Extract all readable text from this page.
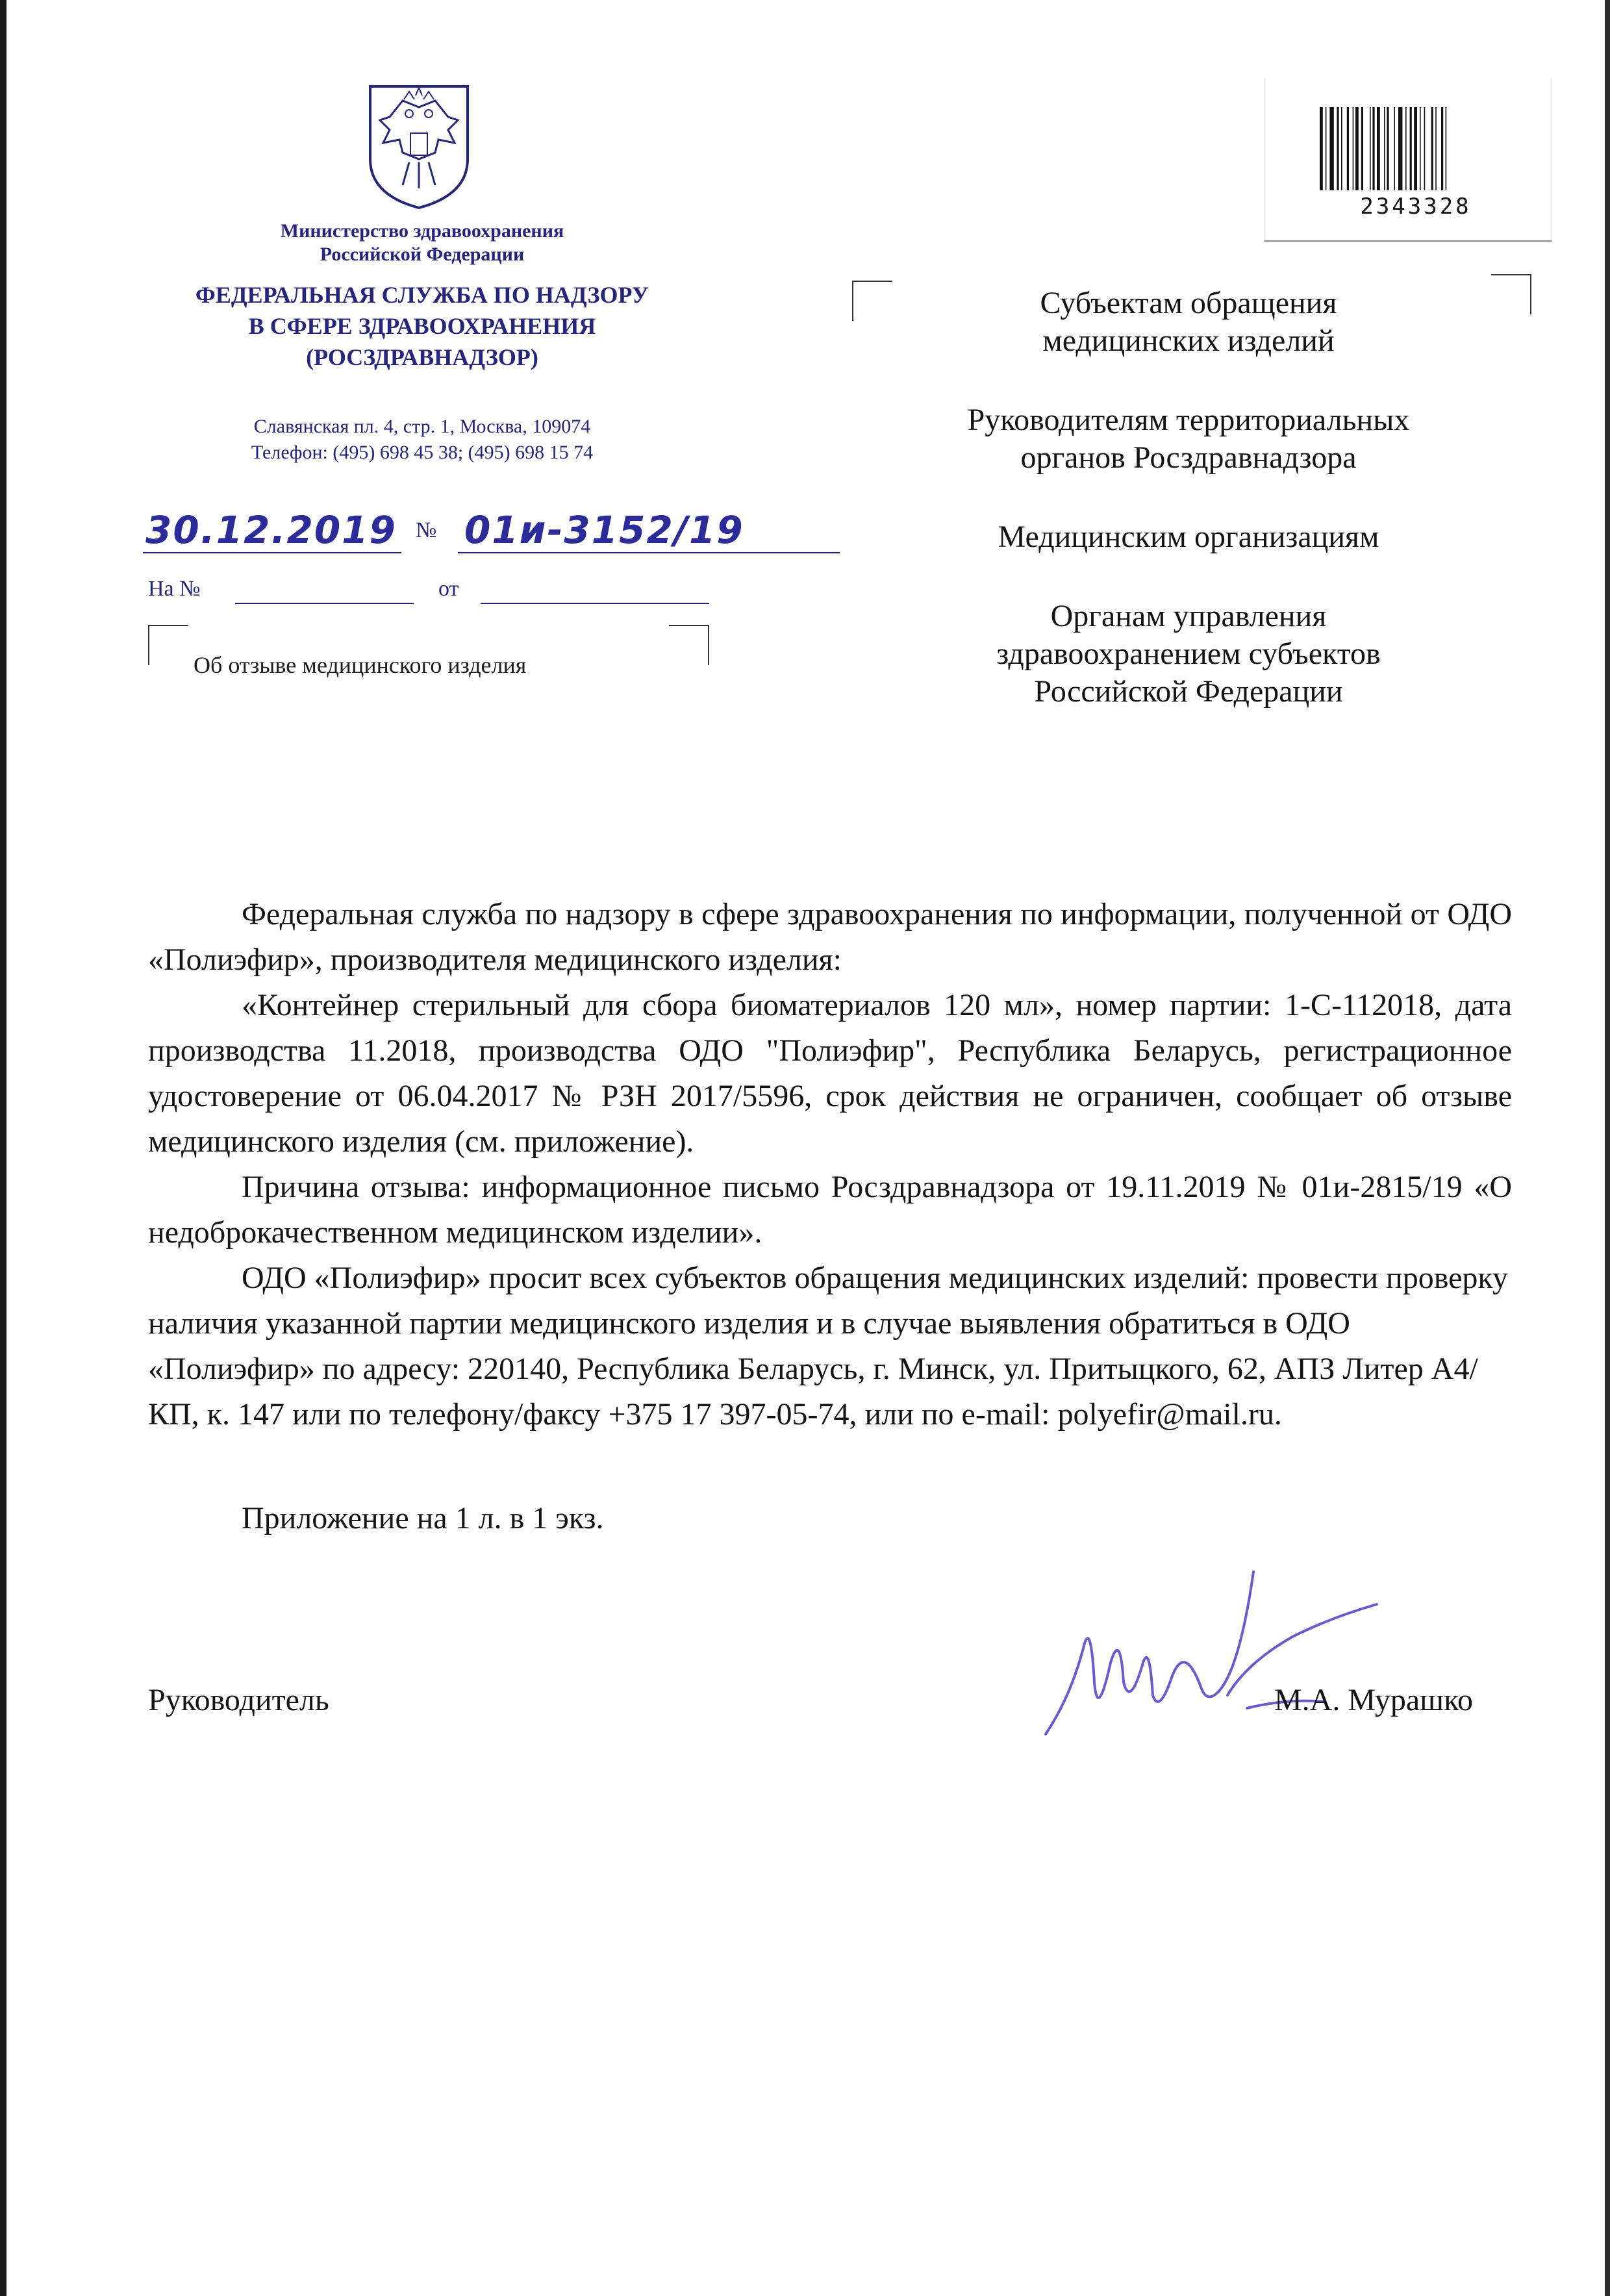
Министерство здравоохранения
Российской Федерации
ФЕДЕРАЛЬНАЯ СЛУЖБА ПО НАДЗОРУ
В СФЕРЕ ЗДРАВООХРАНЕНИЯ
(РОСЗДРАВНАДЗОР)
Славянская пл. 4, стр. 1, Москва, 109074
Телефон: (495) 698 45 38; (495) 698 15 74
30.12.2019 № 01и-3152/19
На №	от
Об отзыве медицинского изделия
2343328
Субъектам обращения
медицинских изделий
Руководителям территориальных
органов Росздравнадзора
Медицинским организациям
Органам управления
здравоохранением субъектов
Российской Федерации

Федеральная служба по надзору в сфере здравоохранения по информации, полученной от ОДО «Полиэфир», производителя медицинского изделия:

«Контейнер стерильный для сбора биоматериалов 120 мл», номер партии: 1-С-112018, дата производства 11.2018, производства ОДО "Полиэфир", Республика Беларусь, регистрационное удостоверение от 06.04.2017 № РЗН 2017/5596, срок действия не ограничен, сообщает об отзыве медицинского изделия (см. приложение).

Причина отзыва: информационное письмо Росздравнадзора от 19.11.2019 № 01и-2815/19 «О недоброкачественном медицинском изделии».

ОДО «Полиэфир» просит всех субъектов обращения медицинских изделий: провести проверку наличия указанной партии медицинского изделия и в случае выявления обратиться в ОДО «Полиэфир» по адресу: 220140, Республика Беларусь, г. Минск, ул. Притыцкого, 62, АПЗ Литер А4/КП, к. 147 или по телефону/факсу +375 17 397-05-74, или по e-mail: polyefir@mail.ru.

Приложение на 1 л. в 1 экз.
Руководитель	М.А. Мурашко
